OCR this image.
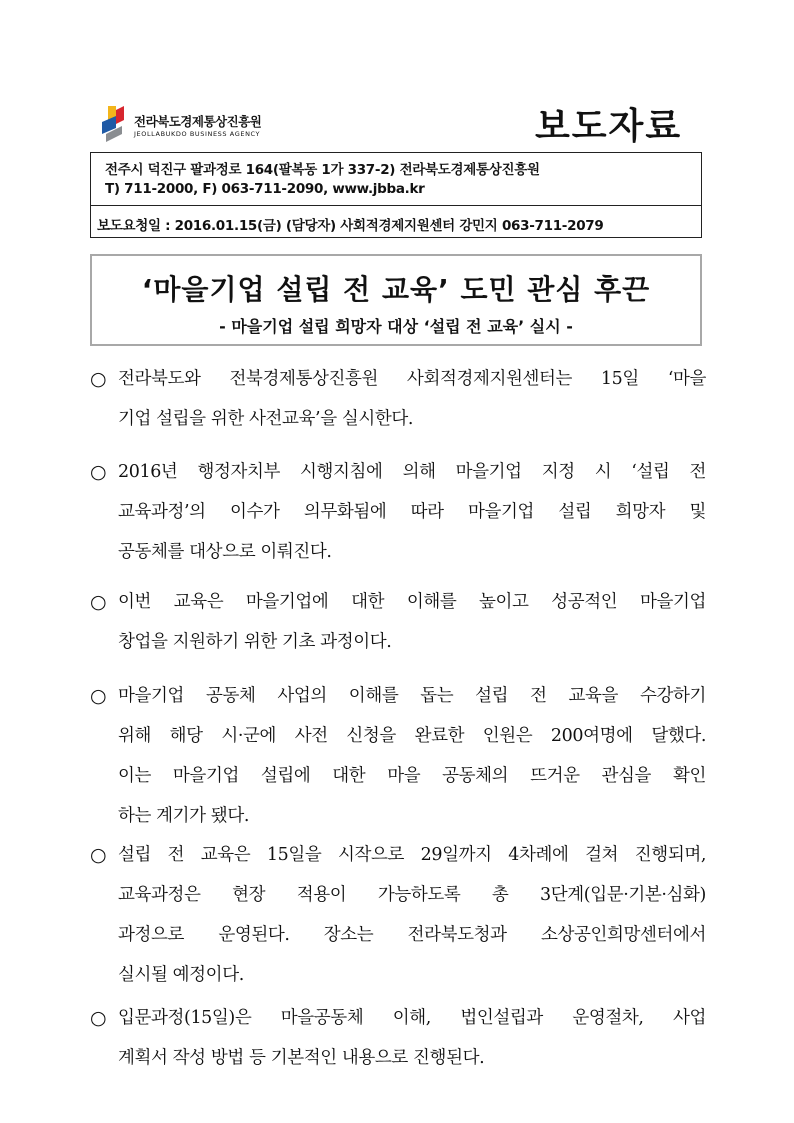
전라북도경제통상진흥원
JEOLLABUKDO BUSINESS AGENCY	보도자료
전주시 덕진구 팔과정로 164(팔복동 1가 337-2) 전라북도경제통상진흥원
T) 711-2000, F) 063-711-2090, www.jbba.kr
보도요청일 : 2016.01.15(금) (담당자) 사회적경제지원센터 강민지 063-711-2079
‘마을기업 설립 전 교육’ 도민 관심 후끈
- 마을기업 설립 희망자 대상 ‘설립 전 교육’ 실시 -
○ 전라북도와 전북경제통상진흥원 사회적경제지원센터는 15일 ‘마을
기업 설립을 위한 사전교육’을 실시한다.
○ 2016년 행정자치부 시행지침에 의해 마을기업 지정 시 ‘설립 전
교육과정’의 이수가 의무화됨에 따라 마을기업 설립 희망자 및
공동체를 대상으로 이뤄진다.
○ 이번 교육은 마을기업에 대한 이해를 높이고 성공적인 마을기업
창업을 지원하기 위한 기초 과정이다.
○ 마을기업 공동체 사업의 이해를 돕는 설립 전 교육을 수강하기
위해 해당 시·군에 사전 신청을 완료한 인원은 200여명에 달했다.
이는 마을기업 설립에 대한 마을 공동체의 뜨거운 관심을 확인
하는 계기가 됐다.
○ 설립 전 교육은 15일을 시작으로 29일까지 4차례에 걸쳐 진행되며,
교육과정은 현장 적용이 가능하도록 총 3단계(입문·기본·심화)
과정으로 운영된다. 장소는 전라북도청과 소상공인희망센터에서
실시될 예정이다.
○ 입문과정(15일)은 마을공동체 이해, 법인설립과 운영절차, 사업
계획서 작성 방법 등 기본적인 내용으로 진행된다.
